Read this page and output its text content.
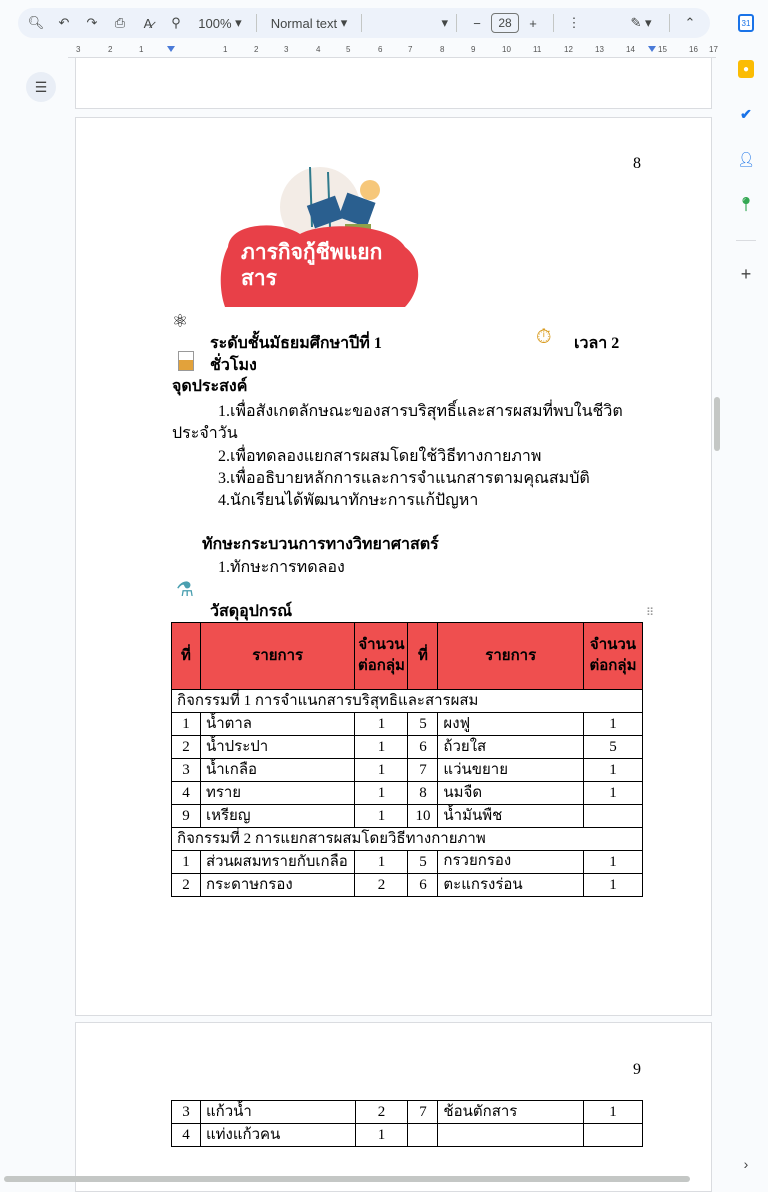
🔍︎	↶	↷	⎙	A̷	⚲	100% ▾	Normal text ▾	▾	−	28	+	⋮	✎ ▾	⌃
3	2	1	1	2	3	4	5	6	7	8	9	10	11	12	13	14	15	16 17
☰
8
ภารกิจกู้ชีพแยกสาร
⚛
ระดับชั้นมัธยมศึกษาปีที่ 1	⏱ เวลา 2
ชั่วโมง
จุดประสงค์
1.เพื่อสังเกตลักษณะของสารบริสุทธิ์และสารผสมที่พบในชีวิต
ประจำวัน
2.เพื่อทดลองแยกสารผสมโดยใช้วิธีทางกายภาพ
3.เพื่ออธิบายหลักการและการจำแนกสารตามคุณสมบัติ
4.นักเรียนได้พัฒนาทักษะการแก้ปัญหา
ทักษะกระบวนการทางวิทยาศาสตร์
1.ทักษะการทดลอง
⚗
วัสดุอุปกรณ์	⠿
ที่	รายการ	จำนวนต่อกลุ่ม	ที่	รายการ	จำนวนต่อกลุ่ม
กิจกรรมที่ 1 การจำแนกสารบริสุทธิและสารผสม					
1	น้ำตาล	1	5	ผงฟู	1
2	น้ำประปา	1	6	ถ้วยใส	5
3	น้ำเกลือ	1	7	แว่นขยาย	1
4	ทราย	1	8	นมจืด	1
9	เหรียญ	1	10	น้ำมันพืช	
กิจกรรมที่ 2 การแยกสารผสมโดยวิธีทางกายภาพ					
1	ส่วนผสมทรายกับเกลือ	1	5	กรวยกรอง	1
2	กระดาษกรอง	2	6	ตะแกรงร่อน	1
9
3	แก้วน้ำ	2	7	ช้อนตักสาร	1
4	แท่งแก้วคน	1			
31
●
✔
👤︎
📍︎
+
›
